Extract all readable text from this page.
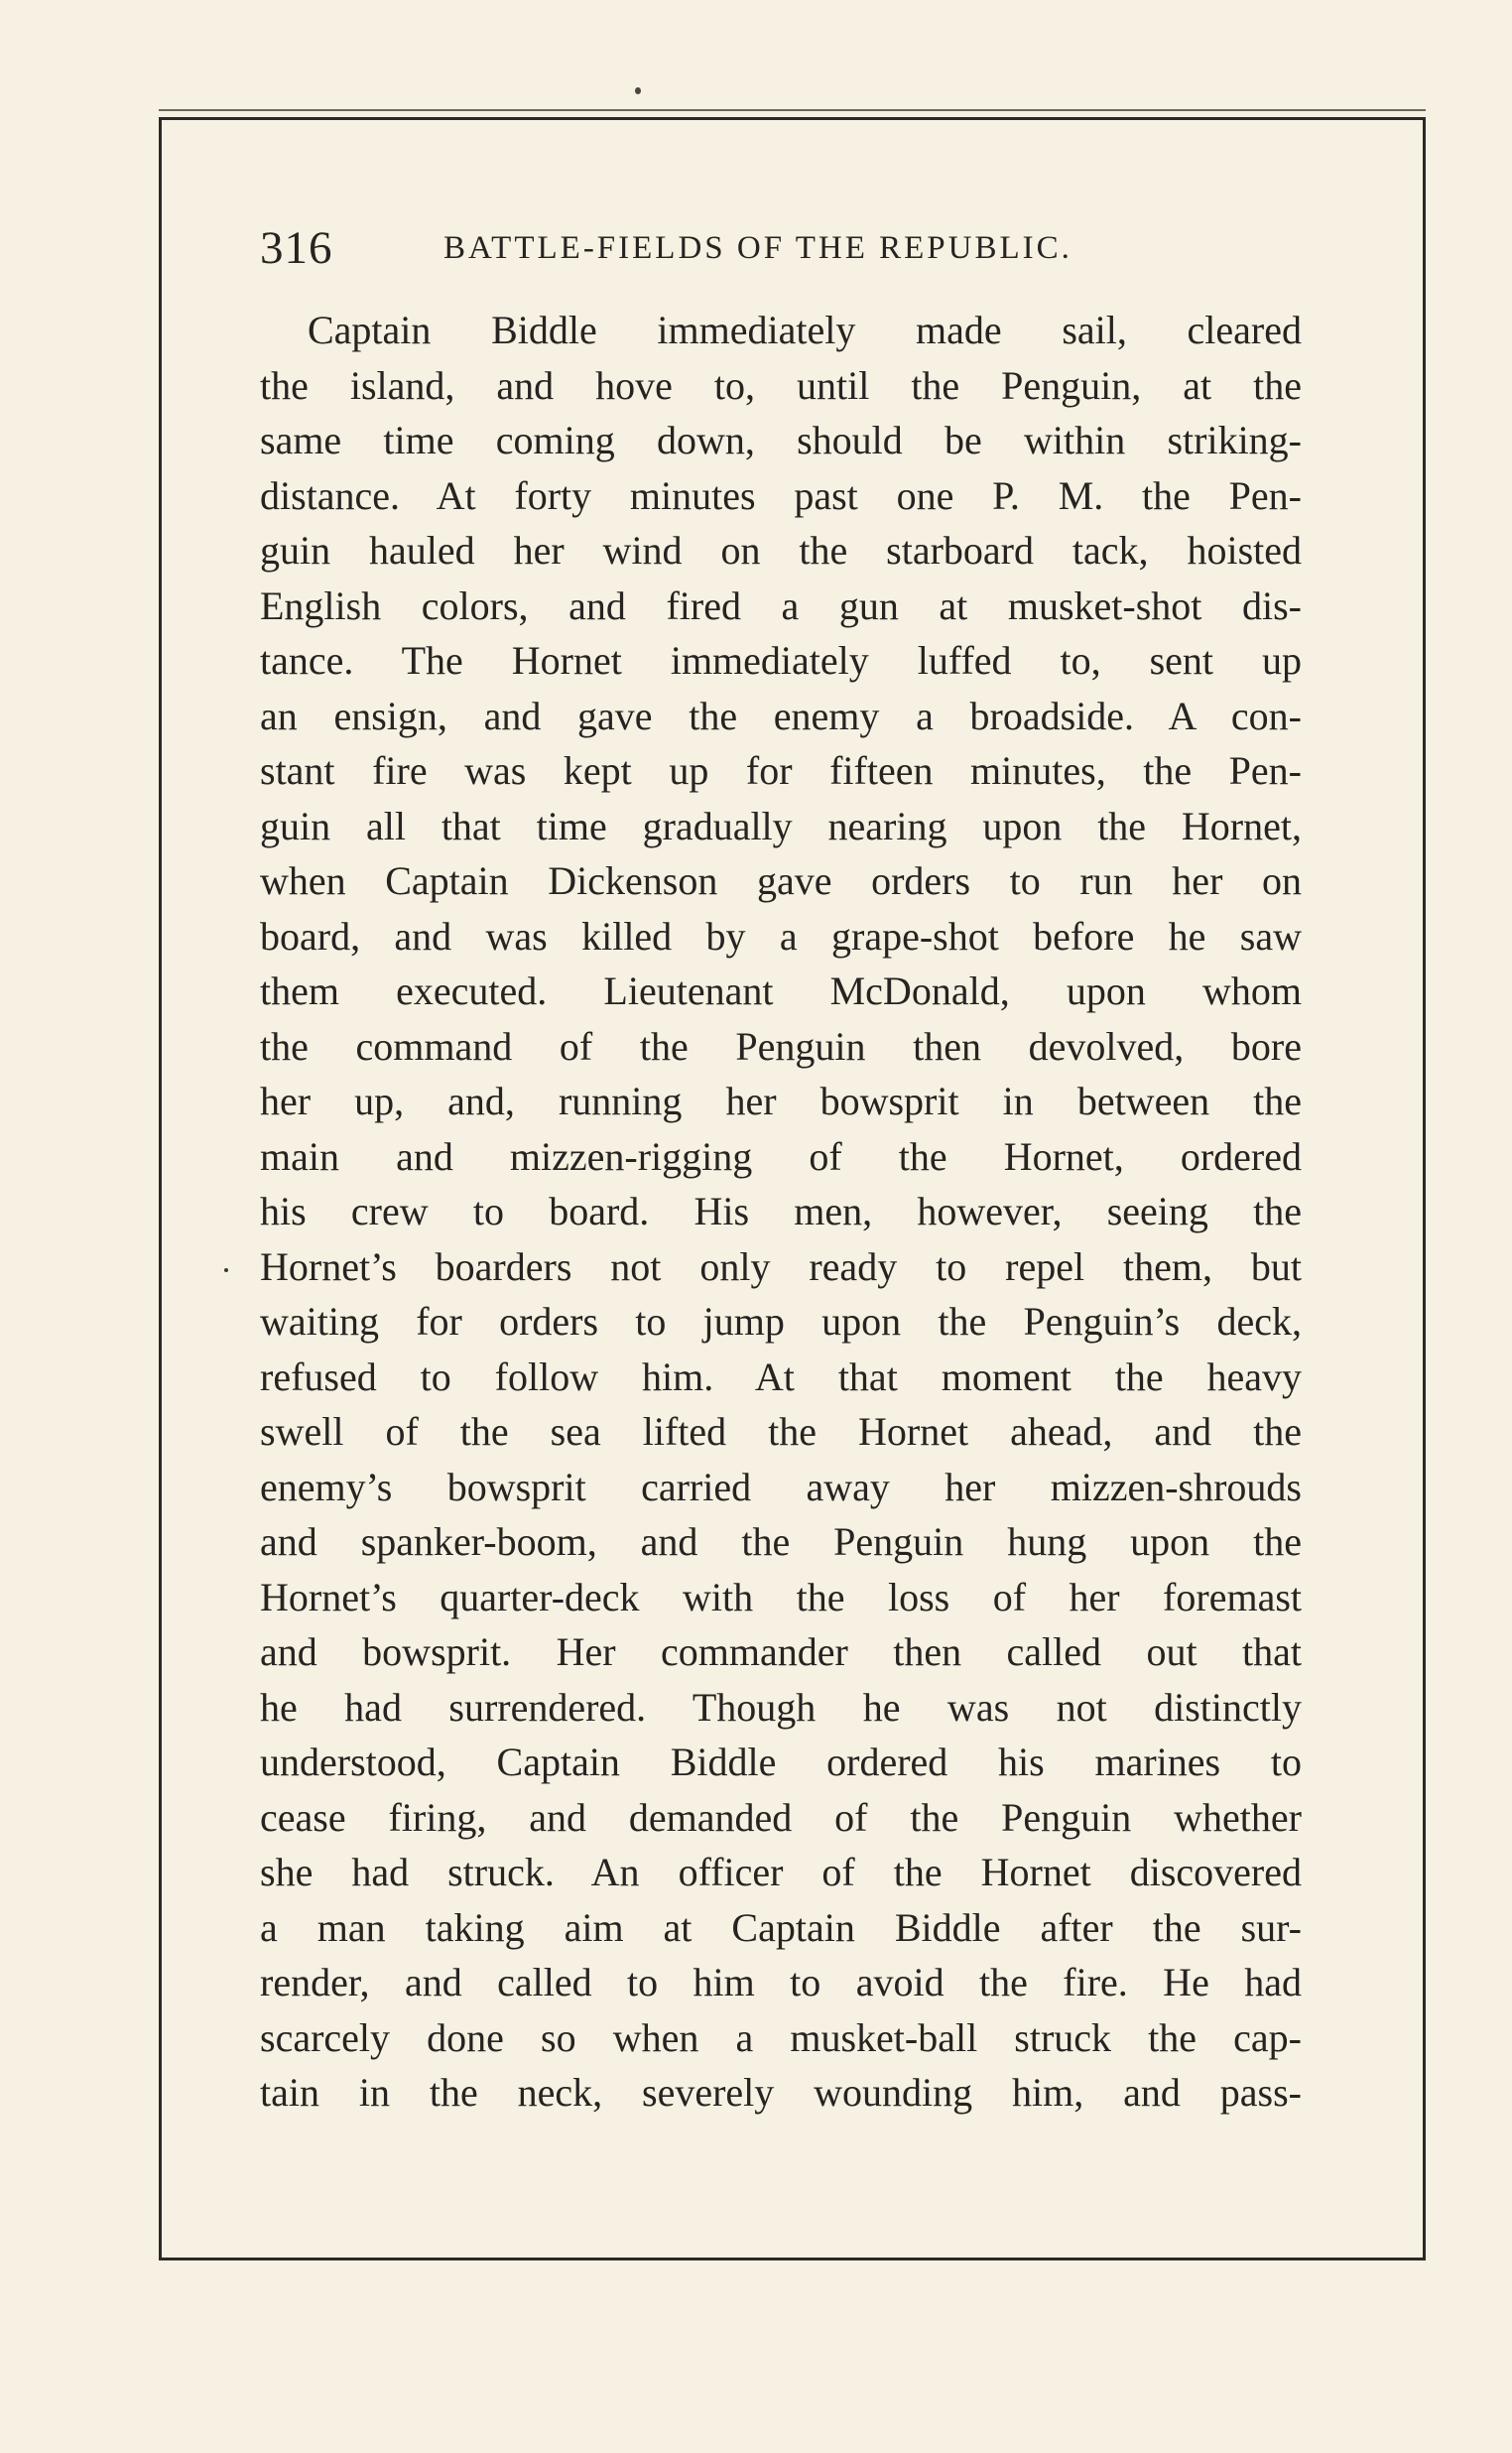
316	BATTLE-FIELDS OF THE REPUBLIC.
Captain Biddle immediately made sail, cleared
the island, and hove to, until the Penguin, at the
same time coming down, should be within striking-
distance. At forty minutes past one P. M. the Pen-
guin hauled her wind on the starboard tack, hoisted
English colors, and fired a gun at musket-shot dis-
tance. The Hornet immediately luffed to, sent up
an ensign, and gave the enemy a broadside. A con-
stant fire was kept up for fifteen minutes, the Pen-
guin all that time gradually nearing upon the Hornet,
when Captain Dickenson gave orders to run her on
board, and was killed by a grape-shot before he saw
them executed. Lieutenant McDonald, upon whom
the command of the Penguin then devolved, bore
her up, and, running her bowsprit in between the
main and mizzen-rigging of the Hornet, ordered
his crew to board. His men, however, seeing the
Hornet’s boarders not only ready to repel them, but
waiting for orders to jump upon the Penguin’s deck,
refused to follow him. At that moment the heavy
swell of the sea lifted the Hornet ahead, and the
enemy’s bowsprit carried away her mizzen-shrouds
and spanker-boom, and the Penguin hung upon the
Hornet’s quarter-deck with the loss of her foremast
and bowsprit. Her commander then called out that
he had surrendered. Though he was not distinctly
understood, Captain Biddle ordered his marines to
cease firing, and demanded of the Penguin whether
she had struck. An officer of the Hornet discovered
a man taking aim at Captain Biddle after the sur-
render, and called to him to avoid the fire. He had
scarcely done so when a musket-ball struck the cap-
tain in the neck, severely wounding him, and pass-
